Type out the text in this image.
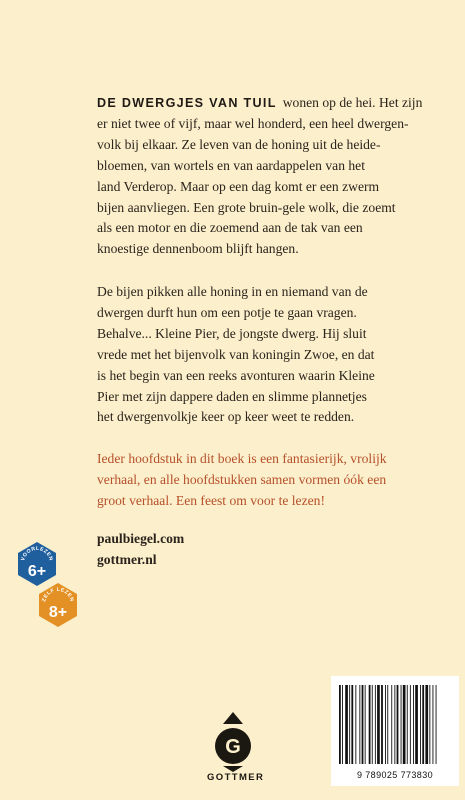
DE DWERGJES VAN TUIL wonen op de hei. Het zijn
er niet twee of vijf, maar wel honderd, een heel dwergen-
volk bij elkaar. Ze leven van de honing uit de heide-
bloemen, van wortels en van aardappelen van het
land Verderop. Maar op een dag komt er een zwerm
bijen aanvliegen. Een grote bruin-gele wolk, die zoemt
als een motor en die zoemend aan de tak van een
knoestige dennenboom blijft hangen.
De bijen pikken alle honing in en niemand van de
dwergen durft hun om een potje te gaan vragen.
Behalve... Kleine Pier, de jongste dwerg. Hij sluit
vrede met het bijenvolk van koningin Zwoe, en dat
is het begin van een reeks avonturen waarin Kleine
Pier met zijn dappere daden en slimme plannetjes
het dwergenvolkje keer op keer weet te redden.
Ieder hoofdstuk in dit boek is een fantasierijk, vrolijk
verhaal, en alle hoofdstukken samen vormen óók een
groot verhaal. Een feest om voor te lezen!
paulbiegel.com
gottmer.nl
VOORLEZEN
6+
ZELF LEZEN
8+
G
GOTTMER	9 789025 773830
